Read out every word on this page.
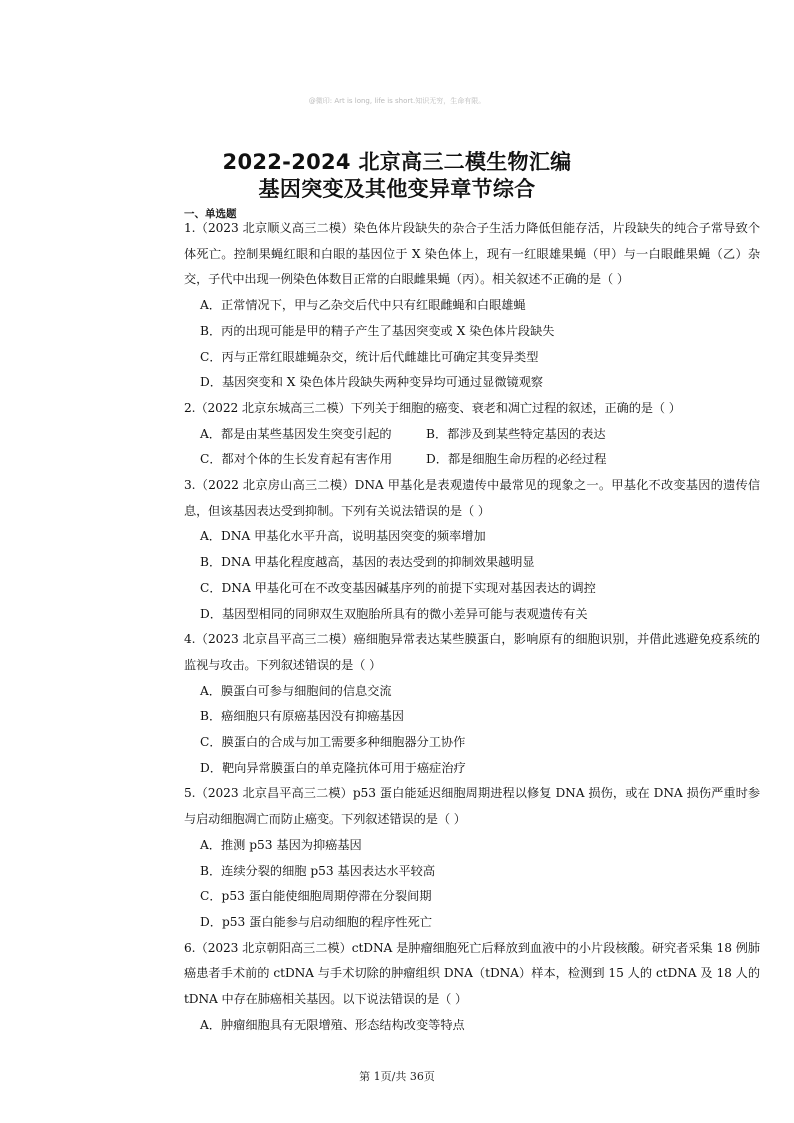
@微印: Art is long, life is short.知识无穷，生命有限。
2022-2024 北京高三二模生物汇编
基因突变及其他变异章节综合
一、单选题
1.（2023 北京顺义高三二模）染色体片段缺失的杂合子生活力降低但能存活，片段缺失的纯合子常导致个体死亡。控制果蝇红眼和白眼的基因位于 X 染色体上，现有一红眼雄果蝇（甲）与一白眼雌果蝇（乙）杂交，子代中出现一例染色体数目正常的白眼雌果蝇（丙）。相关叙述不正确的是（ ）
A．正常情况下，甲与乙杂交后代中只有红眼雌蝇和白眼雄蝇
B．丙的出现可能是甲的精子产生了基因突变或 X 染色体片段缺失
C．丙与正常红眼雄蝇杂交，统计后代雌雄比可确定其变异类型
D．基因突变和 X 染色体片段缺失两种变异均可通过显微镜观察
2.（2022 北京东城高三二模）下列关于细胞的癌变、衰老和凋亡过程的叙述，正确的是（ ）
A．都是由某些基因发生突变引起的	B．都涉及到某些特定基因的表达
C．都对个体的生长发育起有害作用	D．都是细胞生命历程的必经过程
3.（2022 北京房山高三二模）DNA 甲基化是表观遗传中最常见的现象之一。甲基化不改变基因的遗传信息，但该基因表达受到抑制。下列有关说法错误的是（ ）
A．DNA 甲基化水平升高，说明基因突变的频率增加
B．DNA 甲基化程度越高，基因的表达受到的抑制效果越明显
C．DNA 甲基化可在不改变基因碱基序列的前提下实现对基因表达的调控
D．基因型相同的同卵双生双胞胎所具有的微小差异可能与表观遗传有关
4.（2023 北京昌平高三二模）癌细胞异常表达某些膜蛋白，影响原有的细胞识别，并借此逃避免疫系统的监视与攻击。下列叙述错误的是（ ）
A．膜蛋白可参与细胞间的信息交流
B．癌细胞只有原癌基因没有抑癌基因
C．膜蛋白的合成与加工需要多种细胞器分工协作
D．靶向异常膜蛋白的单克隆抗体可用于癌症治疗
5.（2023 北京昌平高三二模）p53 蛋白能延迟细胞周期进程以修复 DNA 损伤，或在 DNA 损伤严重时参与启动细胞凋亡而防止癌变。下列叙述错误的是（ ）
A．推测 p53 基因为抑癌基因
B．连续分裂的细胞 p53 基因表达水平较高
C．p53 蛋白能使细胞周期停滞在分裂间期
D．p53 蛋白能参与启动细胞的程序性死亡
6.（2023 北京朝阳高三二模）ctDNA 是肿瘤细胞死亡后释放到血液中的小片段核酸。研究者采集 18 例肺癌患者手术前的 ctDNA 与手术切除的肿瘤组织 DNA（tDNA）样本，检测到 15 人的 ctDNA 及 18 人的 tDNA 中存在肺癌相关基因。以下说法错误的是（ ）
A．肿瘤细胞具有无限增殖、形态结构改变等特点
第 1页/共 36页
